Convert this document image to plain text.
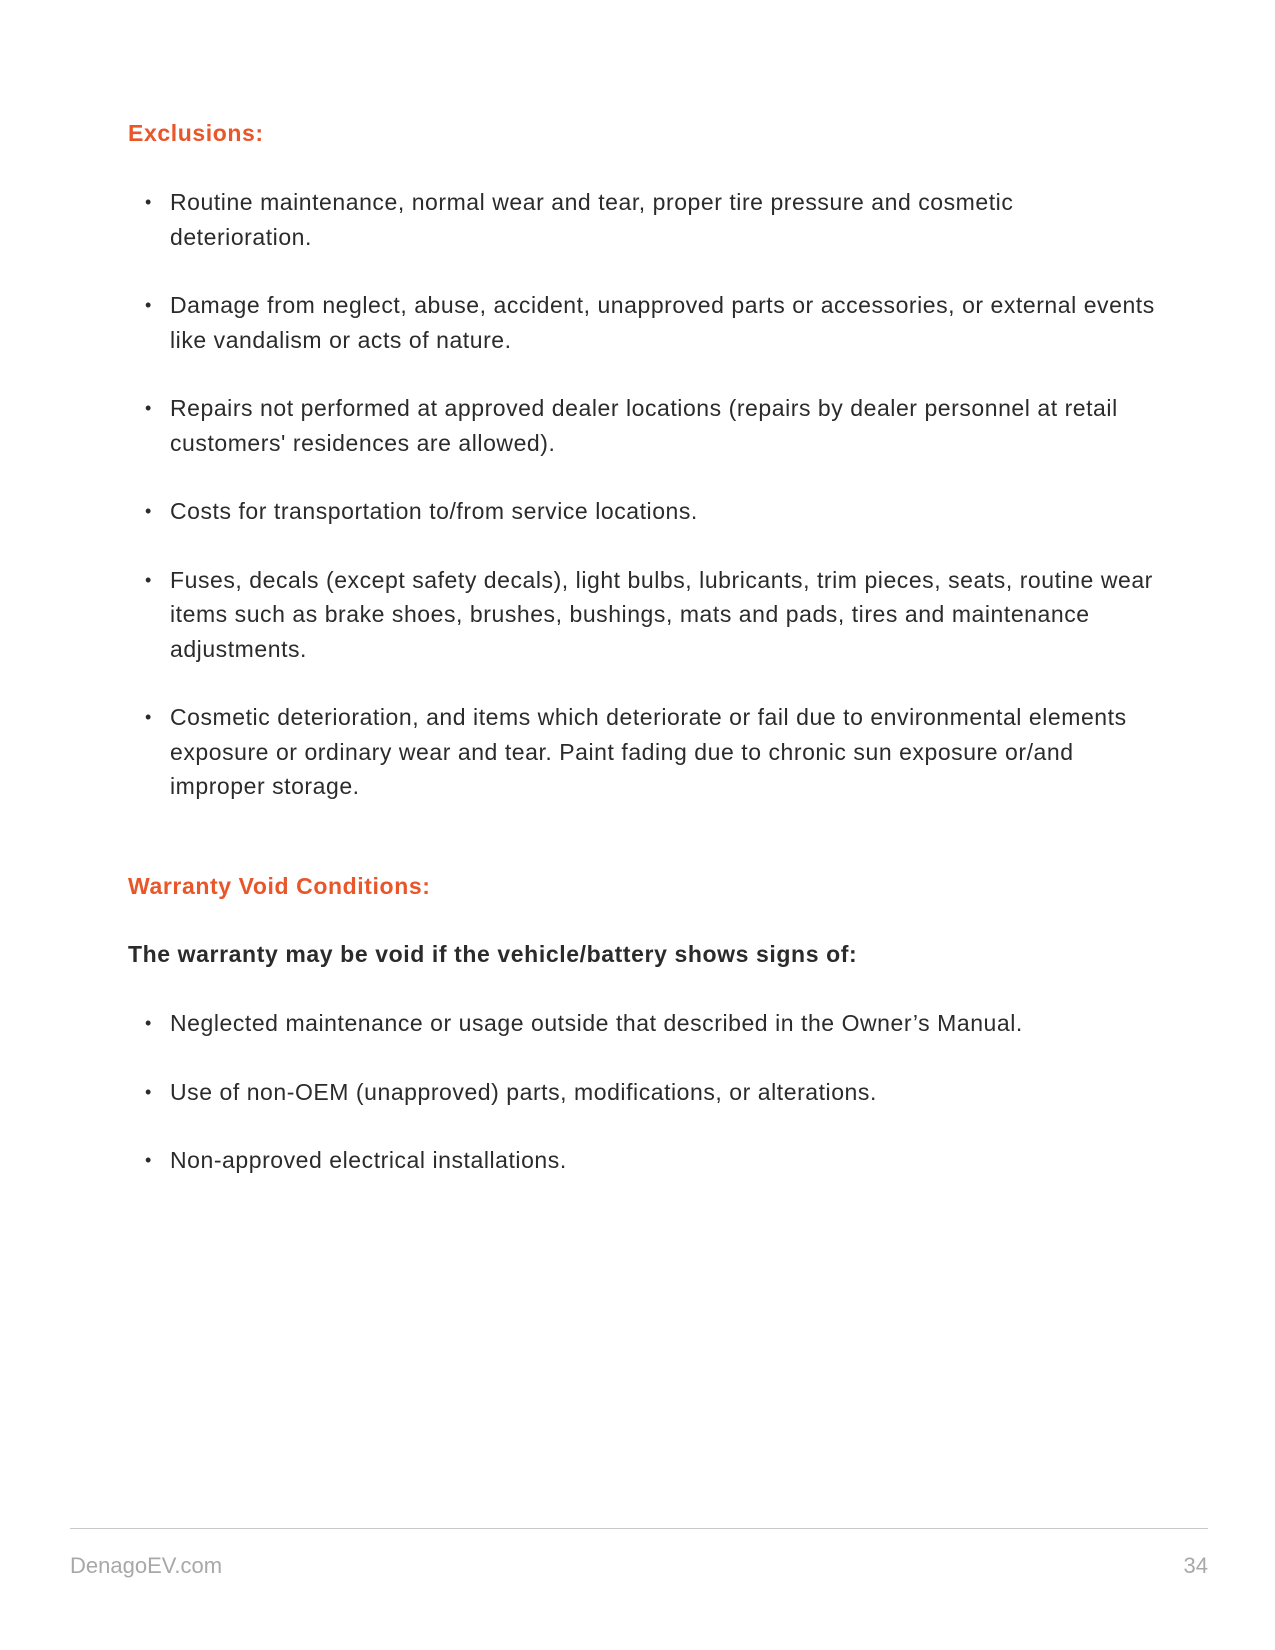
Exclusions:
• Routine maintenance, normal wear and tear, proper tire pressure and cosmetic deterioration.
• Damage from neglect, abuse, accident, unapproved parts or accessories, or external events like vandalism or acts of nature.
• Repairs not performed at approved dealer locations (repairs by dealer personnel at retail customers' residences are allowed).
• Costs for transportation to/from service locations.
• Fuses, decals (except safety decals), light bulbs, lubricants, trim pieces, seats, routine wear items such as brake shoes, brushes, bushings, mats and pads, tires and maintenance adjustments.
• Cosmetic deterioration, and items which deteriorate or fail due to environmental elements exposure or ordinary wear and tear. Paint fading due to chronic sun exposure or/and improper storage.
Warranty Void Conditions:

The warranty may be void if the vehicle/battery shows signs of:

• Neglected maintenance or usage outside that described in the Owner’s Manual.
• Use of non-OEM (unapproved) parts, modifications, or alterations.
• Non-approved electrical installations.
DenagoEV.com	34
